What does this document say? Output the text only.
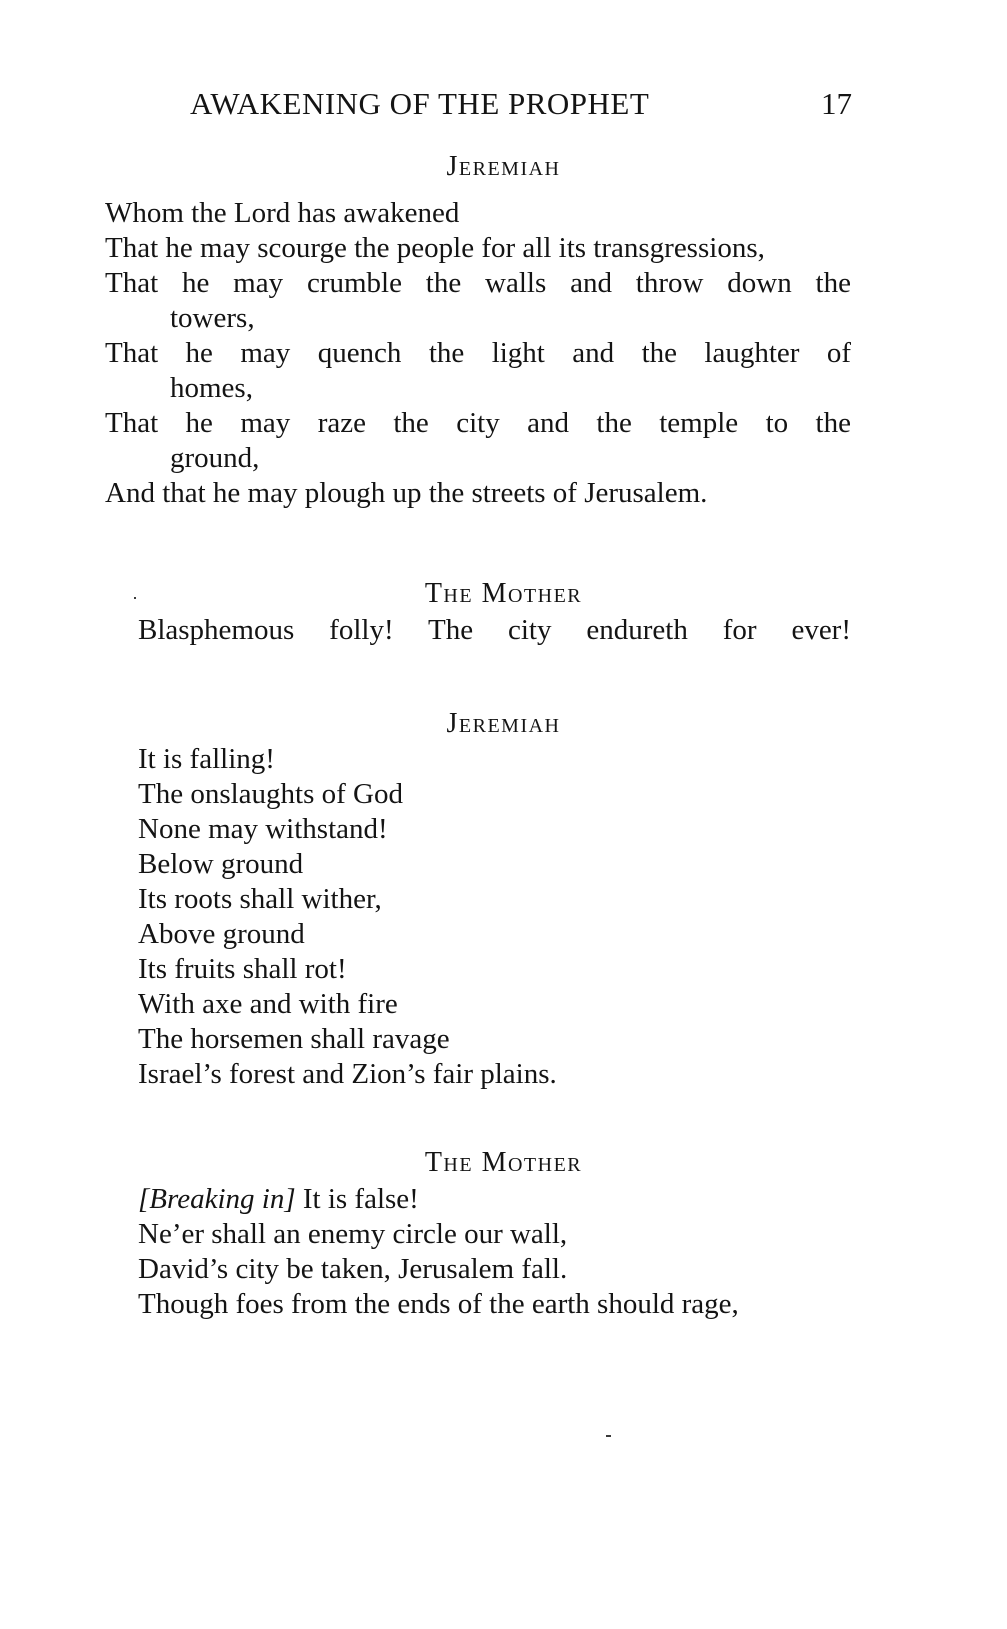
AWAKENING OF THE PROPHET	17
Jeremiah
Whom the Lord has awakened
That he may scourge the people for all its transgressions,
That he may crumble the walls and throw down the
towers,
That he may quench the light and the laughter of
homes,
That he may raze the city and the temple to the
ground,
And that he may plough up the streets of Jerusalem.
The Mother
Blasphemous folly! The city endureth for ever!
Jeremiah
It is falling!
The onslaughts of God
None may withstand!
Below ground
Its roots shall wither,
Above ground
Its fruits shall rot!
With axe and with fire
The horsemen shall ravage
Israel’s forest and Zion’s fair plains.
The Mother
[Breaking in] It is false!
Ne’er shall an enemy circle our wall,
David’s city be taken, Jerusalem fall.
Though foes from the ends of the earth should rage,
